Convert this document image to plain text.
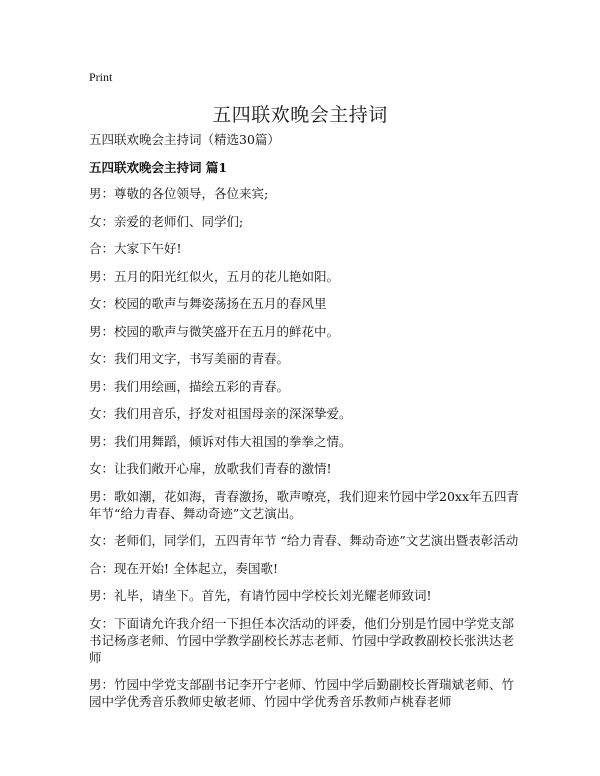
Print
五四联欢晚会主持词
五四联欢晚会主持词（精选30篇）
五四联欢晚会主持词 篇1
男：尊敬的各位领导，各位来宾;
女：亲爱的老师们、同学们;
合：大家下午好!
男：五月的阳光红似火，五月的花儿艳如阳。
女：校园的歌声与舞姿荡扬在五月的春风里
男：校园的歌声与微笑盛开在五月的鲜花中。
女：我们用文字，书写美丽的青春。
男：我们用绘画，描绘五彩的青春。
女：我们用音乐，抒发对祖国母亲的深深挚爱。
男：我们用舞蹈，倾诉对伟大祖国的拳拳之情。
女：让我们敞开心扉，放歌我们青春的激情!
男：歌如潮，花如海，青春激扬，歌声嘹亮，我们迎来竹园中学20xx年五四青年节“给力青春、舞动奇迹”文艺演出。
女：老师们，同学们，五四青年节 “给力青春、舞动奇迹”文艺演出暨表彰活动
合：现在开始! 全体起立，奏国歌!
男：礼毕，请坐下。首先，有请竹园中学校长刘光耀老师致词!
女：下面请允许我介绍一下担任本次活动的评委，他们分别是竹园中学党支部书记杨彦老师、竹园中学教学副校长苏志老师、竹园中学政教副校长张洪达老师
男：竹园中学党支部副书记李开宁老师、竹园中学后勤副校长胥瑞斌老师、竹园中学优秀音乐教师史敏老师、竹园中学优秀音乐教师卢桃春老师
